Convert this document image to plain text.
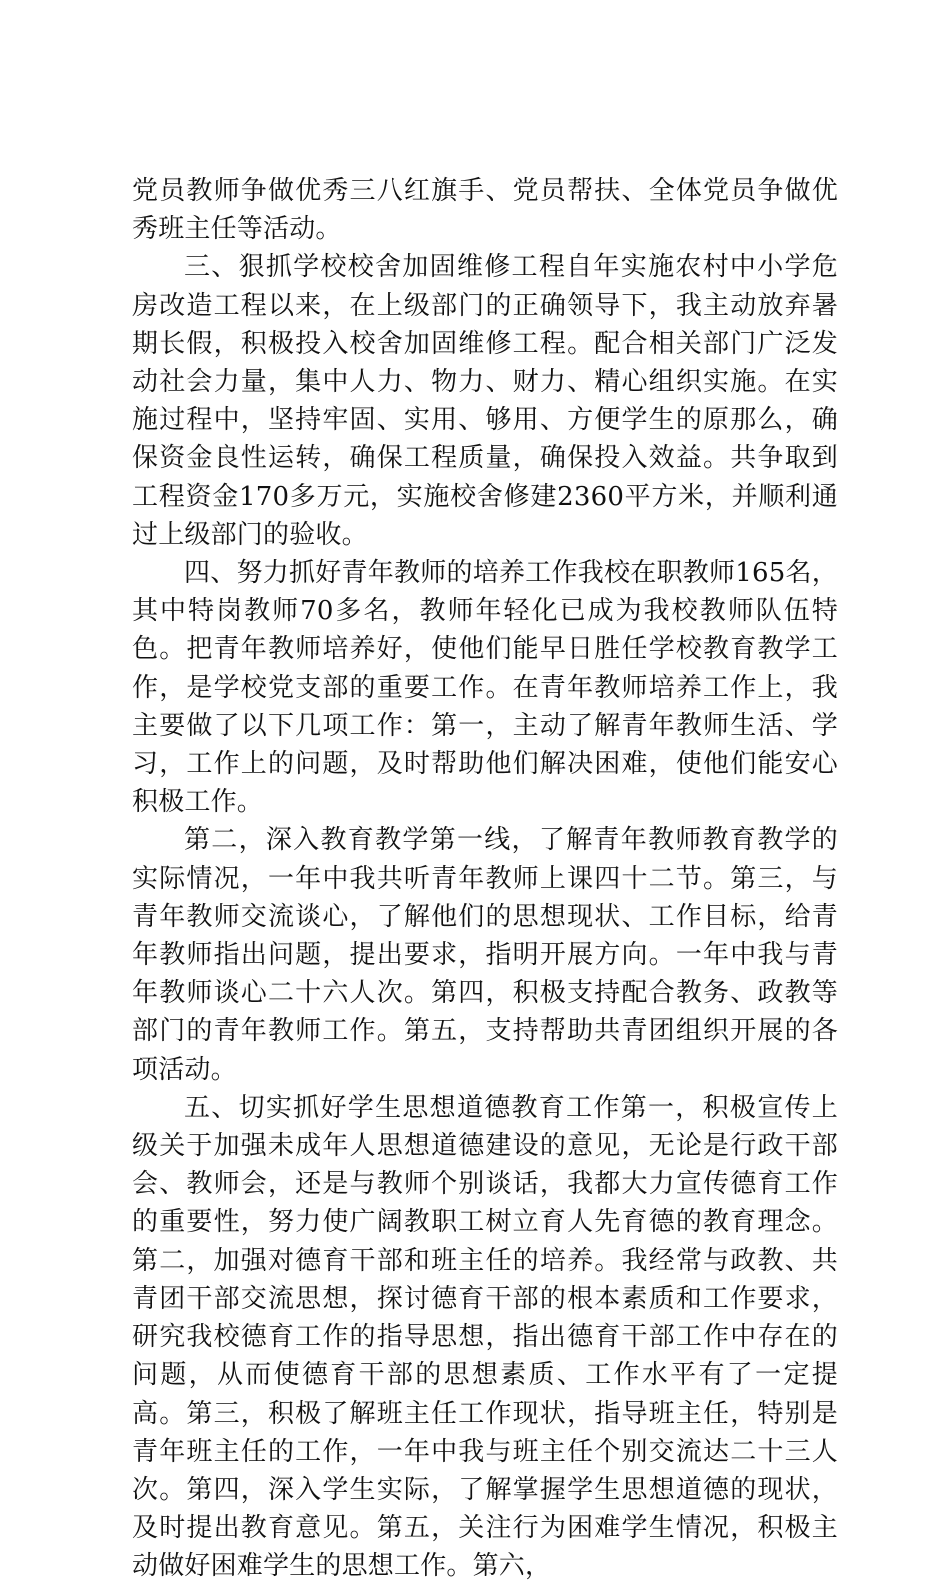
党员教师争做优秀三八红旗手、党员帮扶、全体党员争做优秀班主任等活动。

三、狠抓学校校舍加固维修工程自年实施农村中小学危房改造工程以来，在上级部门的正确领导下，我主动放弃暑期长假，积极投入校舍加固维修工程。配合相关部门广泛发动社会力量，集中人力、物力、财力、精心组织实施。在实施过程中，坚持牢固、实用、够用、方便学生的原那么，确保资金良性运转，确保工程质量，确保投入效益。共争取到工程资金170多万元，实施校舍修建2360平方米，并顺利通过上级部门的验收。

四、努力抓好青年教师的培养工作我校在职教师165名，其中特岗教师70多名，教师年轻化已成为我校教师队伍特色。把青年教师培养好，使他们能早日胜任学校教育教学工作，是学校党支部的重要工作。在青年教师培养工作上，我主要做了以下几项工作：第一，主动了解青年教师生活、学习，工作上的问题，及时帮助他们解决困难，使他们能安心积极工作。

第二，深入教育教学第一线，了解青年教师教育教学的实际情况，一年中我共听青年教师上课四十二节。第三，与青年教师交流谈心，了解他们的思想现状、工作目标，给青年教师指出问题，提出要求，指明开展方向。一年中我与青年教师谈心二十六人次。第四，积极支持配合教务、政教等部门的青年教师工作。第五，支持帮助共青团组织开展的各项活动。

五、切实抓好学生思想道德教育工作第一，积极宣传上级关于加强未成年人思想道德建设的意见，无论是行政干部会、教师会，还是与教师个别谈话，我都大力宣传德育工作的重要性，努力使广阔教职工树立育人先育德的教育理念。第二，加强对德育干部和班主任的培养。我经常与政教、共青团干部交流思想，探讨德育干部的根本素质和工作要求，研究我校德育工作的指导思想，指出德育干部工作中存在的问题，从而使德育干部的思想素质、工作水平有了一定提高。第三，积极了解班主任工作现状，指导班主任，特别是青年班主任的工作，一年中我与班主任个别交流达二十三人次。第四，深入学生实际，了解掌握学生思想道德的现状，及时提出教育意见。第五，关注行为困难学生情况，积极主动做好困难学生的思想工作。第六，
